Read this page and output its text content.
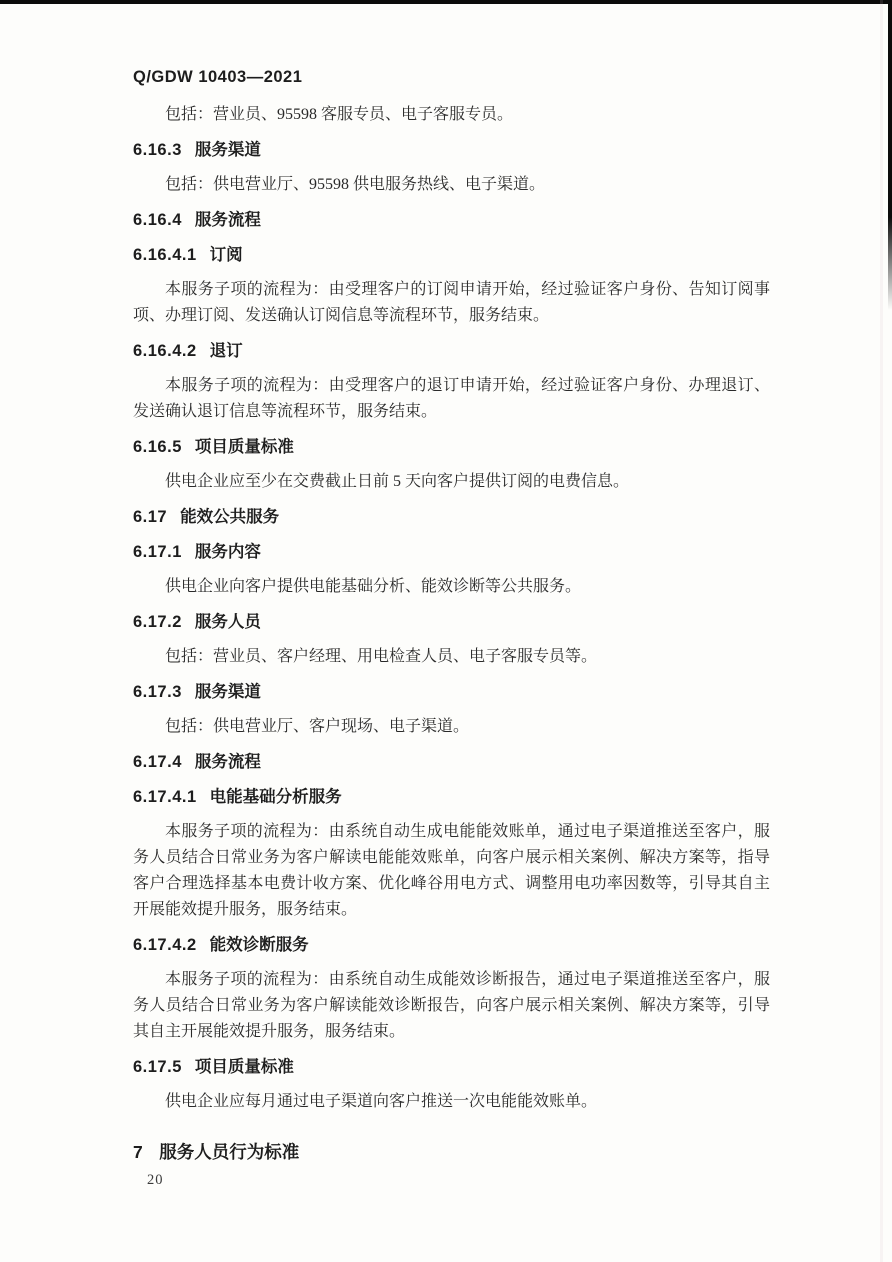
Q/GDW 10403—2021

包括：营业员、95598 客服专员、电子客服专员。

6.16.3 服务渠道

包括：供电营业厅、95598 供电服务热线、电子渠道。

6.16.4 服务流程

6.16.4.1 订阅

本服务子项的流程为：由受理客户的订阅申请开始，经过验证客户身份、告知订阅事项、办理订阅、发送确认订阅信息等流程环节，服务结束。

6.16.4.2 退订

本服务子项的流程为：由受理客户的退订申请开始，经过验证客户身份、办理退订、发送确认退订信息等流程环节，服务结束。

6.16.5 项目质量标准

供电企业应至少在交费截止日前 5 天向客户提供订阅的电费信息。

6.17 能效公共服务

6.17.1 服务内容

供电企业向客户提供电能基础分析、能效诊断等公共服务。

6.17.2 服务人员

包括：营业员、客户经理、用电检查人员、电子客服专员等。

6.17.3 服务渠道

包括：供电营业厅、客户现场、电子渠道。

6.17.4 服务流程

6.17.4.1 电能基础分析服务

本服务子项的流程为：由系统自动生成电能能效账单，通过电子渠道推送至客户，服务人员结合日常业务为客户解读电能能效账单，向客户展示相关案例、解决方案等，指导客户合理选择基本电费计收方案、优化峰谷用电方式、调整用电功率因数等，引导其自主开展能效提升服务，服务结束。

6.17.4.2 能效诊断服务

本服务子项的流程为：由系统自动生成能效诊断报告，通过电子渠道推送至客户，服务人员结合日常业务为客户解读能效诊断报告，向客户展示相关案例、解决方案等，引导其自主开展能效提升服务，服务结束。

6.17.5 项目质量标准

供电企业应每月通过电子渠道向客户推送一次电能能效账单。

7 服务人员行为标准

20
